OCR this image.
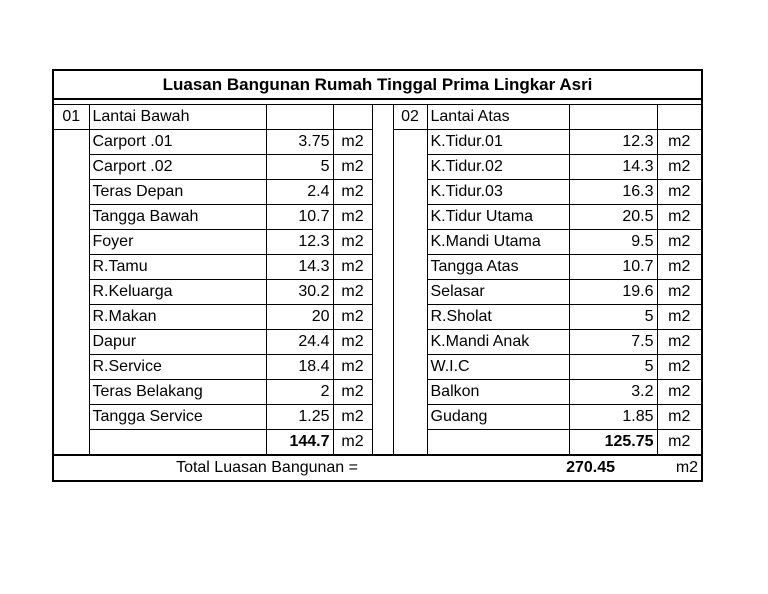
Luasan Bangunan Rumah Tinggal Prima Lingkar Asri								

01	Lantai Bawah				02	Lantai Atas		
	Carport .01	3.75	m2			K.Tidur.01	12.3	m2
	Carport .02	5	m2			K.Tidur.02	14.3	m2
	Teras Depan	2.4	m2			K.Tidur.03	16.3	m2
	Tangga Bawah	10.7	m2			K.Tidur Utama	20.5	m2
	Foyer	12.3	m2			K.Mandi Utama	9.5	m2
	R.Tamu	14.3	m2			Tangga Atas	10.7	m2
	R.Keluarga	30.2	m2			Selasar	19.6	m2
	R.Makan	20	m2			R.Sholat	5	m2
	Dapur	24.4	m2			K.Mandi Anak	7.5	m2
	R.Service	18.4	m2			W.I.C	5	m2
	Teras Belakang	2	m2			Balkon	3.2	m2
	Tangga Service	1.25	m2			Gudang	1.85	m2
		144.7	m2				125.75	m2
Total Luasan Bangunan =				270.45				m2
